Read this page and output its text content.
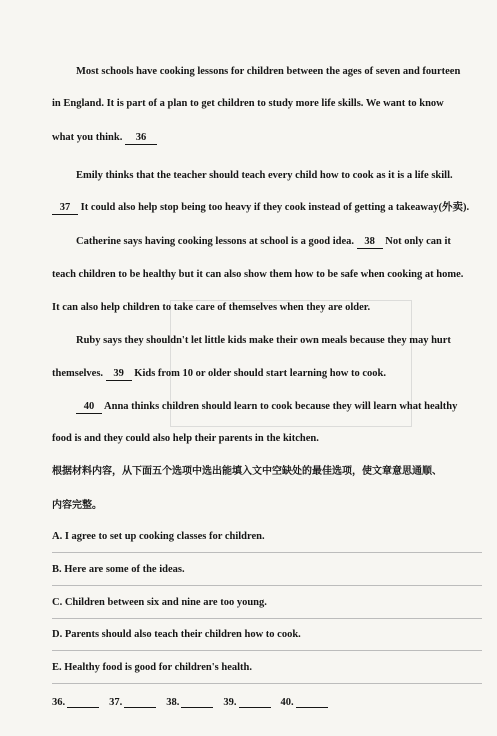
Most schools have cooking lessons for children between the ages of seven and fourteen
in England. It is part of a plan to get children to study more life skills. We want to know
what you think. 36
Emily thinks that the teacher should teach every child how to cook as it is a life skill.
37 It could also help stop being too heavy if they cook instead of getting a takeaway(外卖).
Catherine says having cooking lessons at school is a good idea. 38 Not only can it
teach children to be healthy but it can also show them how to be safe when cooking at home.
It can also help children to take care of themselves when they are older.
Ruby says they shouldn't let little kids make their own meals because they may hurt
themselves. 39 Kids from 10 or older should start learning how to cook.
40 Anna thinks children should learn to cook because they will learn what healthy
food is and they could also help their parents in the kitchen.
根据材料内容，从下面五个选项中选出能填入文中空缺处的最佳选项，使文章意思通顺、
内容完整。
A. I agree to set up cooking classes for children.
B. Here are some of the ideas.
C. Children between six and nine are too young.
D. Parents should also teach their children how to cook.
E. Healthy food is good for children's health.
36.	37.	38.	39.	40.
